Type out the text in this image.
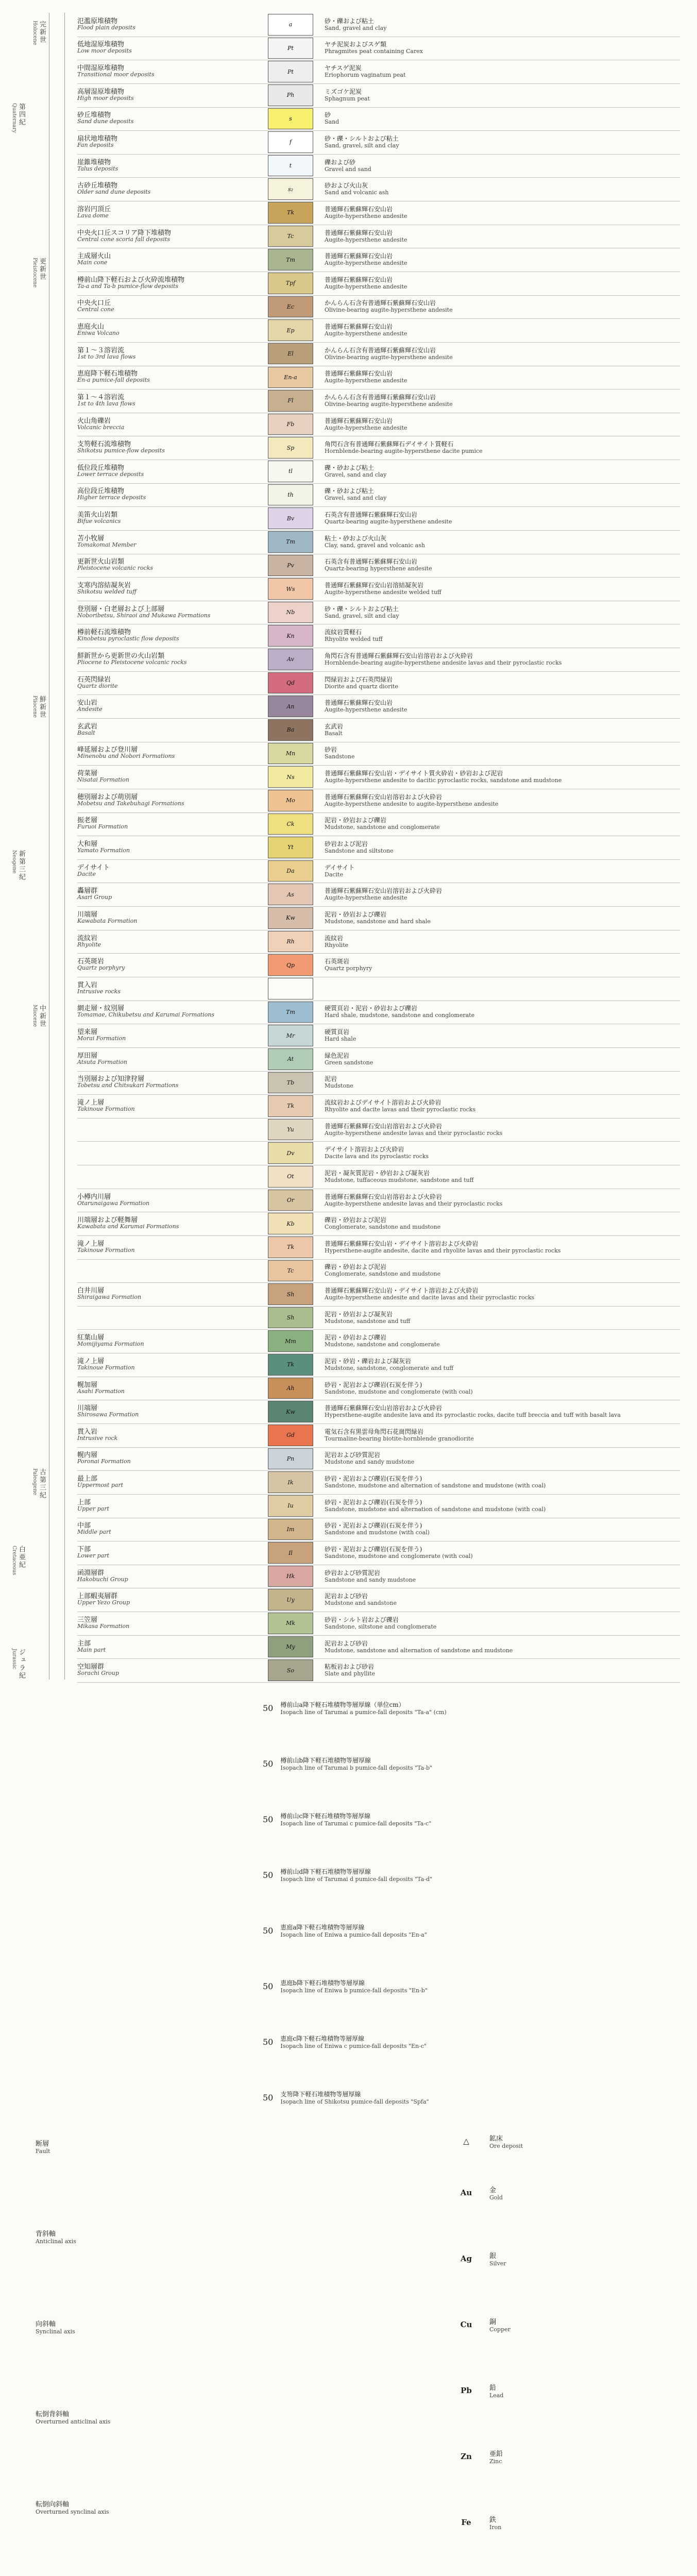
完新世
Holocene
更新世
Pleistocene
第四紀
Quaternary
鮮新世
Pliocene
中新世
Miocene
新第三紀
Neogene
古第三紀
Paleogene
白亜紀
Cretaceous
ジュラ紀
Jurassic
氾濫原堆積物
Flood plain deposits	a	砂・礫および粘土
Sand, gravel and clay
低地湿原堆積物
Low moor deposits	Pt	ヤチ泥炭およびスゲ類
Phragmites peat containing Carex
中間湿原堆積物
Transitional moor deposits	Pt	ヤチスゲ泥炭
Eriophorum vaginatum peat
高層湿原堆積物
High moor deposits	Ph	ミズゴケ泥炭
Sphagnum peat
砂丘堆積物
Sand dune deposits	s	砂
Sand
扇状地堆積物
Fan deposits	f	砂・礫・シルトおよび粘土
Sand, gravel, silt and clay
崖錐堆積物
Talus deposits	t	礫および砂
Gravel and sand
古砂丘堆積物
Older sand dune deposits	s₂	砂および火山灰
Sand and volcanic ash
溶岩円頂丘
Lava dome	Tk	普通輝石紫蘇輝石安山岩
Augite-hypersthene andesite
中央火口丘スコリア降下堆積物
Central cone scoria fall deposits	Tc	普通輝石紫蘇輝石安山岩
Augite-hypersthene andesite
主成層火山
Main cone	Tm	普通輝石紫蘇輝石安山岩
Augite-hypersthene andesite
樽前山降下軽石および火砕流堆積物
Ta-a and Ta-b pumice-flow deposits	Tpf	普通輝石紫蘇輝石安山岩
Augite-hypersthene andesite
中央火口丘
Central cone	Ec	かんらん石含有普通輝石紫蘇輝石安山岩
Olivine-bearing augite-hypersthene andesite
恵庭火山
Eniwa Volcano	Ep	普通輝石紫蘇輝石安山岩
Augite-hypersthene andesite
第１～３溶岩流
1st to 3rd lava flows	El	かんらん石含有普通輝石紫蘇輝石安山岩
Olivine-bearing augite-hypersthene andesite
恵庭降下軽石堆積物
En-a pumice-fall deposits	En-a	普通輝石紫蘇輝石安山岩
Augite-hypersthene andesite
第１～４溶岩流
1st to 4th lava flows	Fl	かんらん石含有普通輝石紫蘇輝石安山岩
Olivine-bearing augite-hypersthene andesite
火山角礫岩
Volcanic breccia	Fb	普通輝石紫蘇輝石安山岩
Augite-hypersthene andesite
支笏軽石流堆積物
Shikotsu pumice-flow deposits	Sp	角閃石含有普通輝石紫蘇輝石デイサイト質軽石
Hornblende-bearing augite-hypersthene dacite pumice
低位段丘堆積物
Lower terrace deposits	tl	礫・砂および粘土
Gravel, sand and clay
高位段丘堆積物
Higher terrace deposits	th	礫・砂および粘土
Gravel, sand and clay
美笛火山岩類
Bifue volcanics	Bv	石英含有普通輝石紫蘇輝石安山岩
Quartz-bearing augite-hypersthene andesite
苫小牧層
Tomakomai Member	Tm	粘土・砂および火山灰
Clay, sand, gravel and volcanic ash
更新世火山岩類
Pleistocene volcanic rocks	Pv	石英含有普通輝石紫蘇輝石安山岩
Quartz-bearing hypersthene andesite
支寒内溶結凝灰岩
Shikotsu welded tuff	Ws	普通輝石紫蘇輝石安山岩溶結凝灰岩
Augite-hypersthene andesite welded tuff
登別層・白老層および上部層
Noboribetsu, Shiraoi and Mukawa Formations	Nb	砂・礫・シルトおよび粘土
Sand, gravel, silt and clay
樽前軽石流堆積物
Kinobetsu pyroclastic flow deposits	Kn	流紋岩質軽石
Rhyolite welded tuff
鮮新世から更新世の火山岩類
Pliocene to Pleistocene volcanic rocks	Av	角閃石含有普通輝石紫蘇輝石安山岩溶岩および火砕岩
Hornblende-bearing augite-hypersthene andesite lavas and their pyroclastic rocks
石英閃緑岩
Quartz diorite	Qd	閃緑岩および石英閃緑岩
Diorite and quartz diorite
安山岩
Andesite	An	普通輝石紫蘇輝石安山岩
Augite-hypersthene andesite
玄武岩
Basalt	Ba	玄武岩
Basalt
峰延層および登川層
Minenobu and Nobori Formations	Mn	砂岩
Sandstone
荷菜層
Nisatai Formation	Ns	普通輝石紫蘇輝石安山岩・デイサイト質火砕岩・砂岩および泥岩
Augite-hypersthene andesite to dacitic pyroclastic rocks, sandstone and mudstone
穂別層および萌別層
Mobetsu and Takebuhagi Formations	Mo	普通輝石紫蘇輝石安山岩溶岩および火砕岩
Augite-hypersthene andesite to augite-hypersthene andesite
振老層
Furuoi Formation	Ck	泥岩・砂岩および礫岩
Mudstone, sandstone and conglomerate
大和層
Yamato Formation	Yt	砂岩および泥岩
Sandstone and siltstone
デイサイト
Dacite	Da	デイサイト
Dacite
轟層群
Asari Group	As	普通輝石紫蘇輝石安山岩溶岩および火砕岩
Augite-hypersthene andesite
川端層
Kawabata Formation	Kw	泥岩・砂岩および礫岩
Mudstone, sandstone and hard shale
流紋岩
Rhyolite	Rh	流紋岩
Rhyolite
石英斑岩
Quartz porphyry	Qp	石英斑岩
Quartz porphyry
貫入岩
Intrusive rocks
網走層・紋別層
Tomamae, Chikubetsu and Karumai Formations	Tm	硬質頁岩・泥岩・砂岩および礫岩
Hard shale, mudstone, sandstone and conglomerate
望来層
Morai Formation	Mr	硬質頁岩
Hard shale
厚田層
Atsuta Formation	At	緑色泥岩
Green sandstone
当別層および知津狩層
Tobetsu and Chitsukari Formations	Tb	泥岩
Mudstone
滝ノ上層
Takinoue Formation	Tk	流紋岩およびデイサイト溶岩および火砕岩
Rhyolite and dacite lavas and their pyroclastic rocks
Yu	普通輝石紫蘇輝石安山岩溶岩および火砕岩
Augite-hypersthene andesite lavas and their pyroclastic rocks
Dv	デイサイト溶岩および火砕岩
Dacite lava and its pyroclastic rocks
Ot	泥岩・凝灰質泥岩・砂岩および凝灰岩
Mudstone, tuffaceous mudstone, sandstone and tuff
小樽内川層
Otarunaigawa Formation	Or	普通輝石紫蘇輝石安山岩溶岩および火砕岩
Augite-hypersthene andesite lavas and their pyroclastic rocks
川端層および軽舞層
Kawabata and Karumai Formations	Kb	礫岩・砂岩および泥岩
Conglomerate, sandstone and mudstone
滝ノ上層
Takinoue Formation	Tk	普通輝石紫蘇輝石安山岩・デイサイト溶岩および火砕岩
Hypersthene-augite andesite, dacite and rhyolite lavas and their pyroclastic rocks
Tc	礫岩・砂岩および泥岩
Conglomerate, sandstone and mudstone
白井川層
Shiraigawa Formation	Sh	普通輝石紫蘇輝石安山岩・デイサイト溶岩および火砕岩
Augite-hypersthene andesite and dacite lavas and their pyroclastic rocks
Sh	泥岩・砂岩および凝灰岩
Mudstone, sandstone and tuff
紅葉山層
Momijiyama Formation	Mm	泥岩・砂岩および礫岩
Mudstone, sandstone and conglomerate
滝ノ上層
Takinoue Formation	Tk	泥岩・砂岩・礫岩および凝灰岩
Mudstone, sandstone, conglomerate and tuff
幌加層
Asahi Formation	Ah	砂岩・泥岩および礫岩(石炭を伴う)
Sandstone, mudstone and conglomerate (with coal)
川端層
Shirosawa Formation	Kw	普通輝石紫蘇輝石安山岩溶岩および火砕岩
Hypersthene-augite andesite lava and its pyroclastic rocks, dacite tuff breccia and tuff with basalt lava
貫入岩
Intrusive rock	Gd	電気石含有黒雲母角閃石花崗閃緑岩
Tourmaline-bearing biotite-hornblende granodiorite
幌内層
Poronai Formation	Pn	泥岩および砂質泥岩
Mudstone and sandy mudstone
最上部
Uppermost part	Ik	砂岩・泥岩および礫岩(石炭を伴う)
Sandstone, mudstone and alternation of sandstone and mudstone (with coal)
上部
Upper part	Iu	砂岩・泥岩および礫岩(石炭を伴う)
Sandstone, mudstone and alternation of sandstone and mudstone (with coal)
中部
Middle part	Im	砂岩・泥岩および礫岩(石炭を伴う)
Sandstone and mudstone (with coal)
下部
Lower part	Il	砂岩・泥岩および礫岩(石炭を伴う)
Sandstone, mudstone and conglomerate (with coal)
函淵層群
Hakobuchi Group	Hk	砂岩および砂質泥岩
Sandstone and sandy mudstone
上部蝦夷層群
Upper Yezo Group	Uy	泥岩および砂岩
Mudstone and sandstone
三笠層
Mikasa Formation	Mk	砂岩・シルト岩および礫岩
Sandstone, siltstone and conglomerate
主部
Main part	My	泥岩および砂岩
Mudstone, sandstone and alternation of sandstone and mudstone
空知層群
Sorachi Group	So	粘板岩および砂岩
Slate and phyllite
50 樽前山a降下軽石堆積物等層厚線（単位cm）
Isopach line of Tarumai a pumice-fall deposits "Ta-a" (cm)
50 樽前山b降下軽石堆積物等層厚線
Isopach line of Tarumai b pumice-fall deposits "Ta-b"
50 樽前山c降下軽石堆積物等層厚線
Isopach line of Tarumai c pumice-fall deposits "Ta-c"
50 樽前山d降下軽石堆積物等層厚線
Isopach line of Tarumai d pumice-fall deposits "Ta-d"
50 恵庭a降下軽石堆積物等層厚線
Isopach line of Eniwa a pumice-fall deposits "En-a"
50 恵庭b降下軽石堆積物等層厚線
Isopach line of Eniwa b pumice-fall deposits "En-b"
50 恵庭c降下軽石堆積物等層厚線
Isopach line of Eniwa c pumice-fall deposits "En-c"
50 支笏降下軽石堆積物等層厚線
Isopach line of Shikotsu pumice-fall deposits "Spfa"
断層
Fault
背斜軸
Anticlinal axis
向斜軸
Synclinal axis
転倒背斜軸
Overturned anticlinal axis
転倒向斜軸
Overturned synclinal axis
△	鉱床
Ore deposit
Au	金
Gold
Ag	銀
Silver
Cu	銅
Copper
Pb	鉛
Lead
Zn	亜鉛
Zinc
Fe	鉄
Iron
